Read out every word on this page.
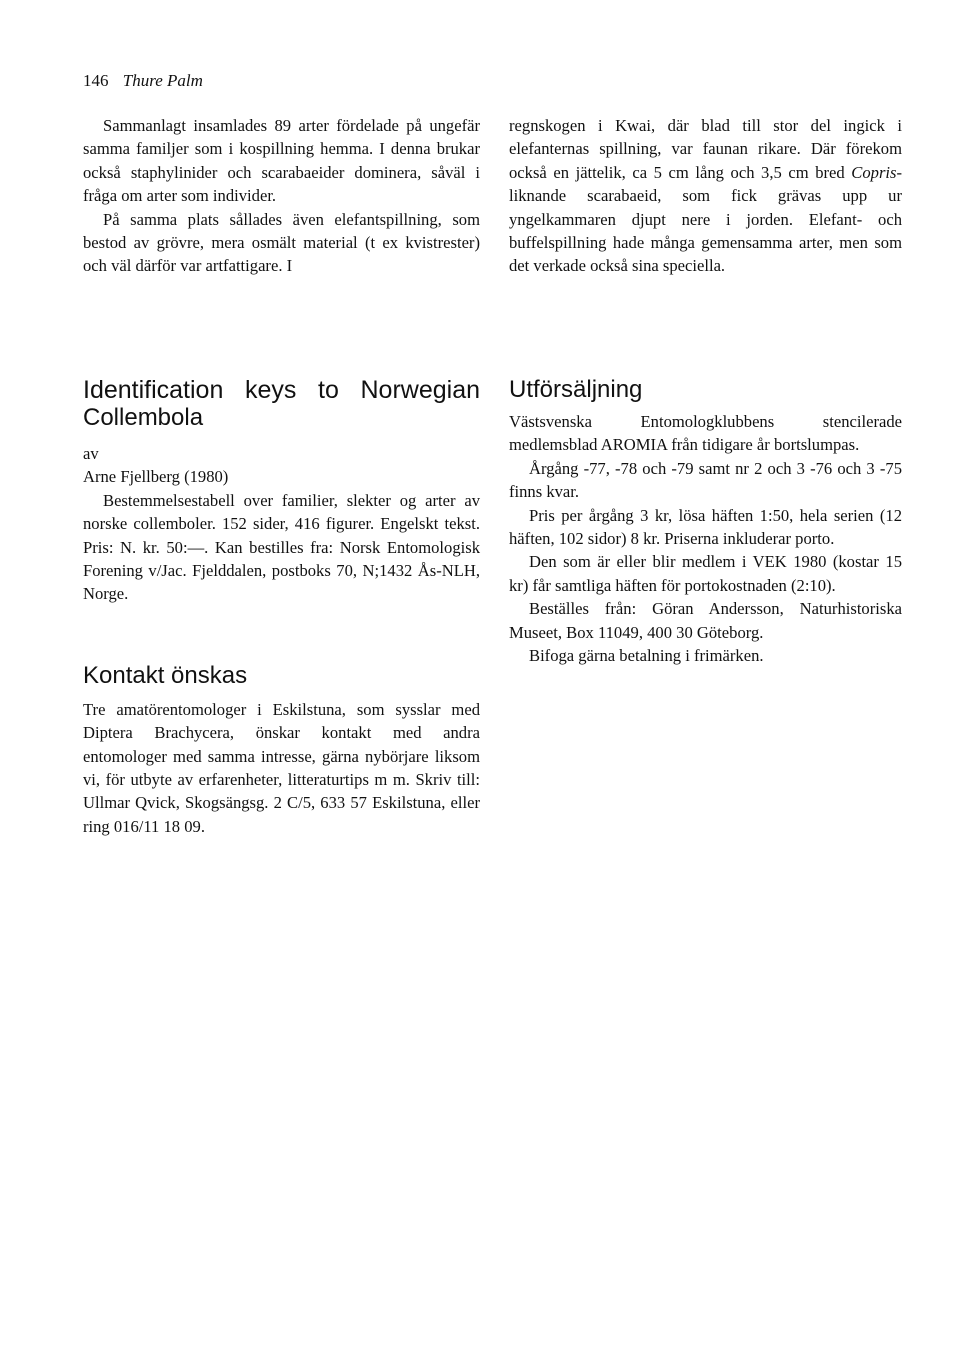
146 Thure Palm

Sammanlagt insamlades 89 arter fördelade på ungefär samma familjer som i kospillning hemma. I denna brukar också staphylinider och scarabaeider dominera, såväl i fråga om arter som individer.

På samma plats sållades även elefantspillning, som bestod av grövre, mera osmält material (t ex kvistrester) och väl därför var artfattigare. I

regnskogen i Kwai, där blad till stor del ingick i elefanternas spillning, var faunan rikare. Där förekom också en jättelik, ca 5 cm lång och 3,5 cm bred Copris-liknande scarabaeid, som fick grävas upp ur yngelkammaren djupt nere i jorden. Elefant- och buffelspillning hade många gemensamma arter, men som det verkade också sina speciella.

Identification keys to Norwegian
Collembola

av

Arne Fjellberg (1980)

Bestemmelsestabell over familier, slekter og arter av norske collemboler. 152 sider, 416 figurer. Engelskt tekst. Pris: N. kr. 50:—. Kan bestilles fra: Norsk Entomologisk Forening v/Jac. Fjelddalen, postboks 70, N;1432 Ås-NLH, Norge.

Kontakt önskas

Tre amatörentomologer i Eskilstuna, som sysslar med Diptera Brachycera, önskar kontakt med andra entomologer med samma intresse, gärna nybörjare liksom vi, för utbyte av erfarenheter, litteraturtips m m. Skriv till: Ullmar Qvick, Skogsängsg. 2 C/5, 633 57 Eskilstuna, eller ring 016/11 18 09.

Utförsäljning

Västsvenska Entomologklubbens stencilerade medlemsblad AROMIA från tidigare år bortslumpas.

Årgång -77, -78 och -79 samt nr 2 och 3 -76 och 3 -75 finns kvar.

Pris per årgång 3 kr, lösa häften 1:50, hela serien (12 häften, 102 sidor) 8 kr. Priserna inkluderar porto.

Den som är eller blir medlem i VEK 1980 (kostar 15 kr) får samtliga häften för portokostnaden (2:10).

Beställes från: Göran Andersson, Naturhistoriska Museet, Box 11049, 400 30 Göteborg.

Bifoga gärna betalning i frimärken.
